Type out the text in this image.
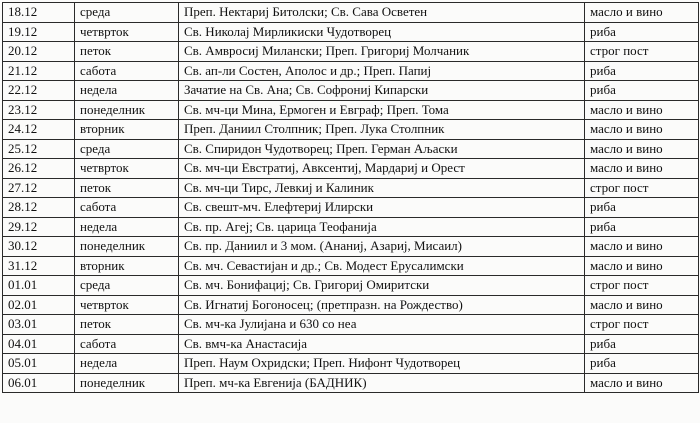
18.12	среда	Преп. Нектариј Битолски; Св. Сава Осветен	масло и вино
19.12	четврток	Св. Николај Мирликиски Чудотворец	риба
20.12	петок	Св. Амвросиј Милански; Преп. Григориј Молчаник	строг пост
21.12	сабота	Св. ап-ли Состен, Аполос и др.; Преп. Папиј	риба
22.12	недела	Зачатие на Св. Ана; Св. Софрониј Кипарски	риба
23.12	понеделник	Св. мч-ци Мина, Ермоген и Евграф; Преп. Тома	масло и вино
24.12	вторник	Преп. Даниил Столпник; Преп. Лука Столпник	масло и вино
25.12	среда	Св. Спиридон Чудотворец; Преп. Герман Аљаски	масло и вино
26.12	четврток	Св. мч-ци Евстратиј, Авксентиј, Мардариј и Орест	масло и вино
27.12	петок	Св. мч-ци Тирс, Левкиј и Калиник	строг пост
28.12	сабота	Св. свешт-мч. Елефтериј Илирски	риба
29.12	недела	Св. пр. Агеј; Св. царица Теофанија	риба
30.12	понеделник	Св. пр. Даниил и 3 мом. (Ананиј, Азариј, Мисаил)	масло и вино
31.12	вторник	Св. мч. Севастијан и др.; Св. Модест Ерусалимски	масло и вино
01.01	среда	Св. мч. Бонифациј; Св. Григориј Омиритски	строг пост
02.01	четврток	Св. Игнатиј Богоносец; (претпразн. на Рождество)	масло и вино
03.01	петок	Св. мч-ка Јулијана и 630 со неа	строг пост
04.01	сабота	Св. вмч-ка Анастасија	риба
05.01	недела	Преп. Наум Охридски; Преп. Нифонт Чудотворец	риба
06.01	понеделник	Преп. мч-ка Евгенија (БАДНИК)	масло и вино
